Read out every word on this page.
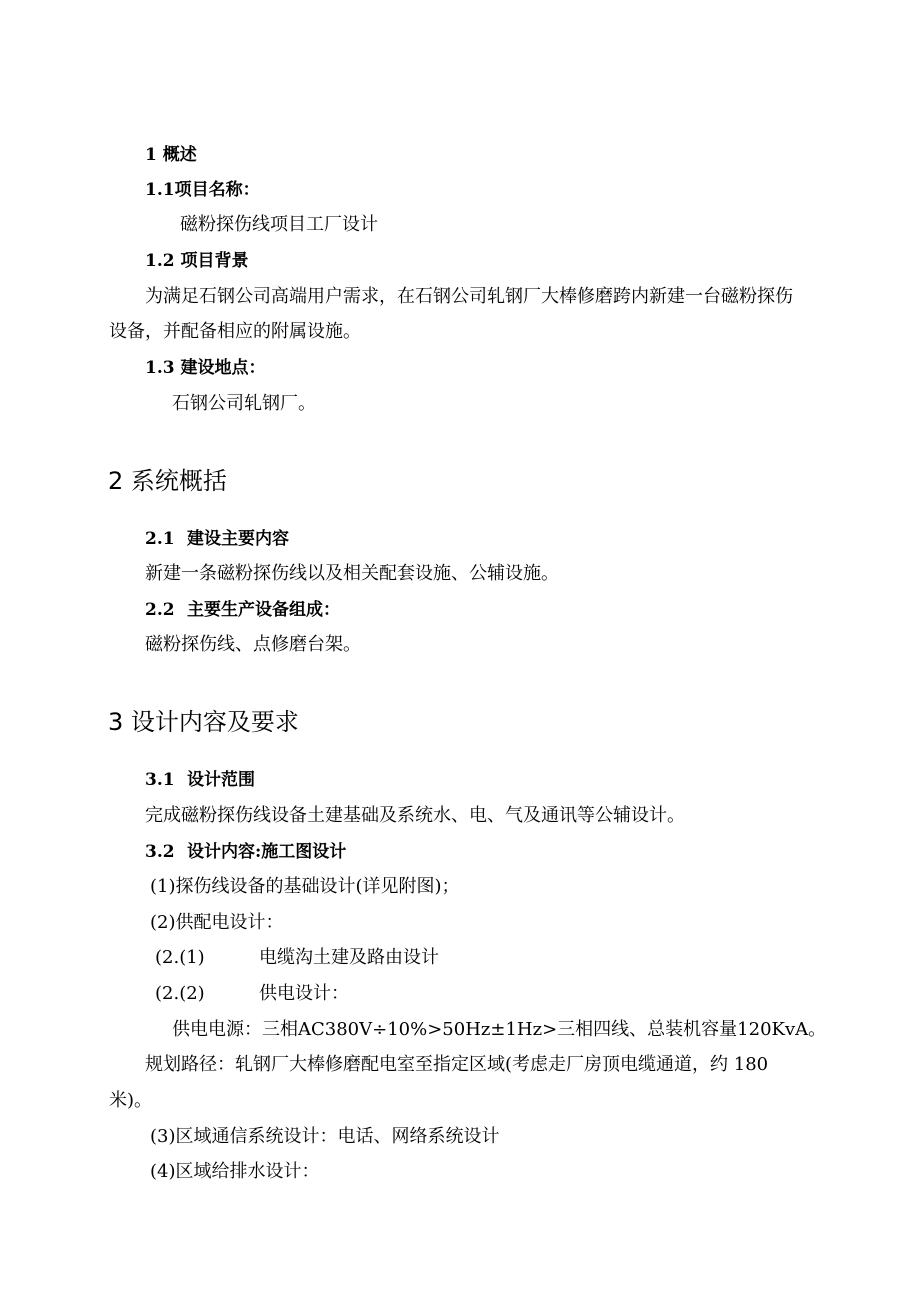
1 概述
1.1项目名称：
磁粉探伤线项目工厂设计
1.2 项目背景
为满足石钢公司高端用户需求，在石钢公司轧钢厂大棒修磨跨内新建一台磁粉探伤
设备，并配备相应的附属设施。
1.3 建设地点：
石钢公司轧钢厂。
2 系统概括
2.1 建设主要内容
新建一条磁粉探伤线以及相关配套设施、公辅设施。
2.2 主要生产设备组成：
磁粉探伤线、点修磨台架。
3 设计内容及要求
3.1 设计范围
完成磁粉探伤线设备土建基础及系统水、电、气及通讯等公辅设计。
3.2 设计内容:施工图设计
(1)探伤线设备的基础设计(详见附图)；
(2)供配电设计：
(2.(1)	电缆沟土建及路由设计
(2.(2)	供电设计：
供电电源：三相AC380V÷10%>50Hz±1Hz>三相四线、总装机容量120KvA。
规划路径：轧钢厂大棒修磨配电室至指定区域(考虑走厂房顶电缆通道，约 180
米)。
(3)区域通信系统设计：电话、网络系统设计
(4)区域给排水设计：
